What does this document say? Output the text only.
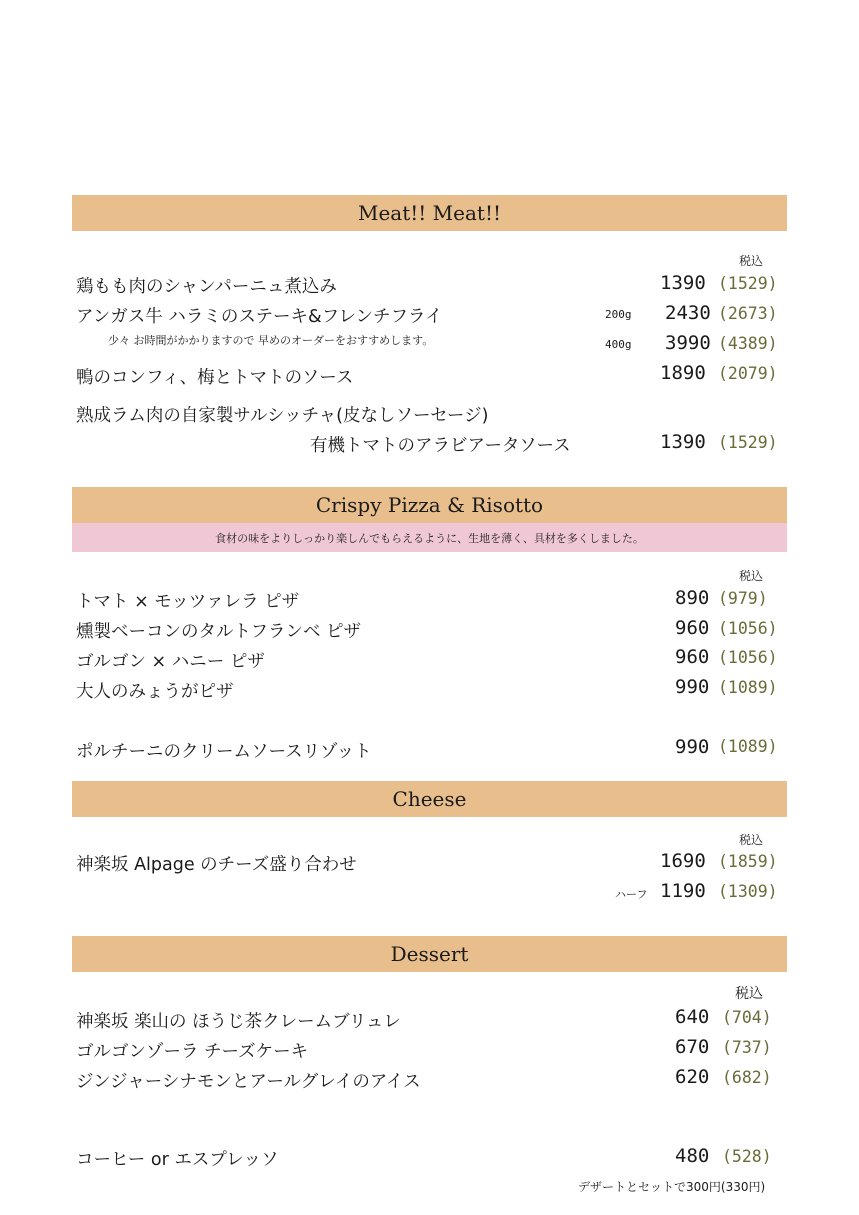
Meat!! Meat!!
税込
鶏もも肉のシャンパーニュ煮込み	1390 (1529)
アンガス牛 ハラミのステーキ&フレンチフライ	200g 2430 (2673)
少々 お時間がかかりますので 早めのオーダーをおすすめします。	400g 3990 (4389)
鴨のコンフィ、梅とトマトのソース	1890 (2079)
熟成ラム肉の自家製サルシッチャ(皮なしソーセージ)
有機トマトのアラビアータソース	1390 (1529)
Crispy Pizza & Risotto
食材の味をよりしっかり楽しんでもらえるように、生地を薄く、具材を多くしました。
税込
トマト × モッツァレラ ピザ	890 (979)
燻製ベーコンのタルトフランベ ピザ	960 (1056)
ゴルゴン × ハニー ピザ	960 (1056)
大人のみょうがピザ	990 (1089)
ポルチーニのクリームソースリゾット	990 (1089)
Cheese
税込
神楽坂 Alpage のチーズ盛り合わせ	1690 (1859)
ハーフ 1190 (1309)
Dessert
税込
神楽坂 楽山の ほうじ茶クレームブリュレ	640 (704)
ゴルゴンゾーラ チーズケーキ	670 (737)
ジンジャーシナモンとアールグレイのアイス	620 (682)
コーヒー or エスプレッソ	480 (528)
デザートとセットで300円(330円)
